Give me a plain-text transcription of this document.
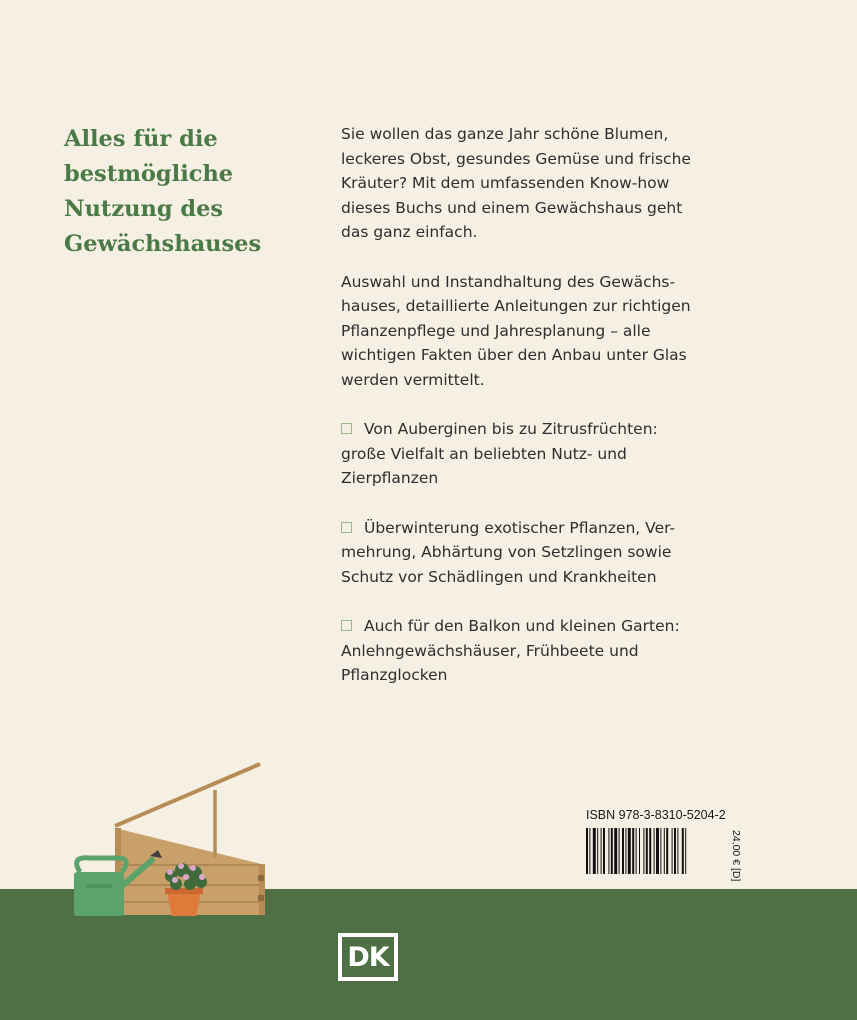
Alles für die
bestmögliche
Nutzung des
Gewächshauses

Sie wollen das ganze Jahr schöne Blumen,
leckeres Obst, gesundes Gemüse und frische
Kräuter? Mit dem umfassenden Know-how
dieses Buchs und einem Gewächshaus geht
das ganz einfach.

Auswahl und Instandhaltung des Gewächs-
hauses, detaillierte Anleitungen zur richtigen
Pflanzenpflege und Jahresplanung – alle
wichtigen Fakten über den Anbau unter Glas
werden vermittelt.

Von Auberginen bis zu Zitrusfrüchten:
große Vielfalt an beliebten Nutz- und
Zierpflanzen
Überwinterung exotischer Pflanzen, Ver-
mehrung, Abhärtung von Setzlingen sowie
Schutz vor Schädlingen und Krankheiten
Auch für den Balkon und kleinen Garten:
Anlehngewächshäuser, Frühbeete und
Pflanzglocken
ISBN 978-3-8310-5204-2
24,00 € [D]
DK
